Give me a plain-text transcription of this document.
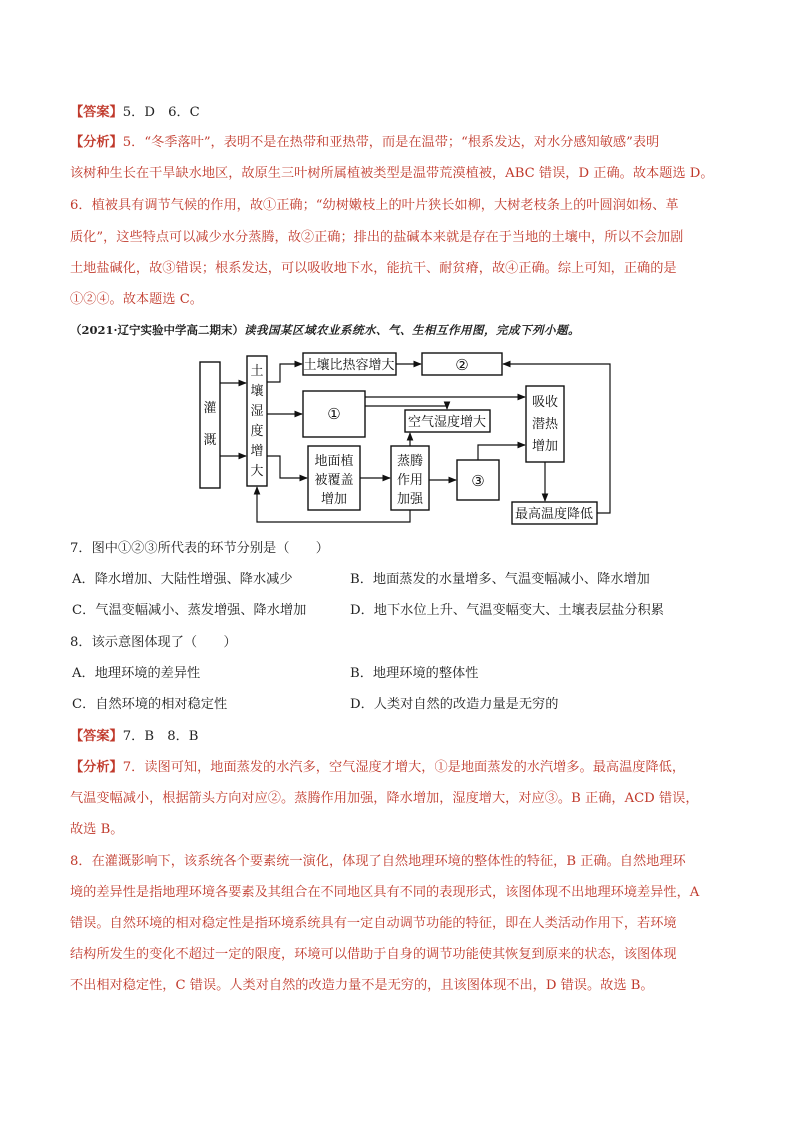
【答案】5．D　6．C
【分析】5．“冬季落叶”，表明不是在热带和亚热带，而是在温带；“根系发达，对水分感知敏感”表明
该树种生长在干旱缺水地区，故原生三叶树所属植被类型是温带荒漠植被，ABC 错误，D 正确。故本题选 D。
6．植被具有调节气候的作用，故①正确；“幼树嫩枝上的叶片狭长如柳，大树老枝条上的叶圆润如杨、革
质化”，这些特点可以减少水分蒸腾，故②正确；排出的盐碱本来就是存在于当地的土壤中，所以不会加剧
土地盐碱化，故③错误；根系发达，可以吸收地下水，能抗干、耐贫瘠，故④正确。综上可知，正确的是
①②④。故本题选 C。
（2021·辽宁实验中学高二期末）读我国某区域农业系统水、气、生相互作用图，完成下列小题。
灌
溉
土
壤
湿
度
增
大
土壤比热容增大	②
①	空气湿度增大
吸收
潜热
增加
地面植
被覆盖
增加
蒸腾
作用
加强
③
最高温度降低
7．图中①②③所代表的环节分别是（　　）
A．降水增加、大陆性增强、降水减少	B．地面蒸发的水量增多、气温变幅减小、降水增加
C．气温变幅减小、蒸发增强、降水增加	D．地下水位上升、气温变幅变大、土壤表层盐分积累
8．该示意图体现了（　　）
A．地理环境的差异性	B．地理环境的整体性
C．自然环境的相对稳定性	D．人类对自然的改造力量是无穷的
【答案】7．B　8．B
【分析】7．读图可知，地面蒸发的水汽多，空气湿度才增大，①是地面蒸发的水汽增多。最高温度降低，
气温变幅减小，根据箭头方向对应②。蒸腾作用加强，降水增加，湿度增大，对应③。B 正确，ACD 错误，
故选 B。
8．在灌溉影响下，该系统各个要素统一演化，体现了自然地理环境的整体性的特征，B 正确。自然地理环
境的差异性是指地理环境各要素及其组合在不同地区具有不同的表现形式，该图体现不出地理环境差异性，A
错误。自然环境的相对稳定性是指环境系统具有一定自动调节功能的特征，即在人类活动作用下，若环境
结构所发生的变化不超过一定的限度，环境可以借助于自身的调节功能使其恢复到原来的状态，该图体现
不出相对稳定性，C 错误。人类对自然的改造力量不是无穷的，且该图体现不出，D 错误。故选 B。
